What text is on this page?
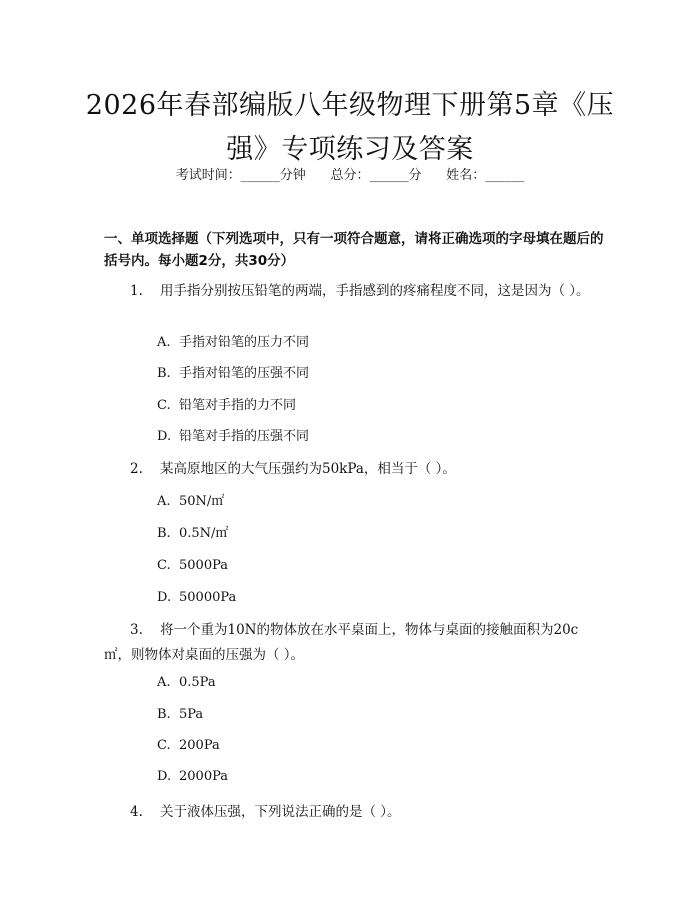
2026年春部编版八年级物理下册第5章《压强》专项练习及答案
考试时间：______分钟      总分：______分      姓名：______
一、单项选择题（下列选项中，只有一项符合题意，请将正确选项的字母填在题后的括号内。每小题2分，共30分）
1. 用手指分别按压铅笔的两端，手指感到的疼痛程度不同，这是因为（ ）。
A. 手指对铅笔的压力不同
B. 手指对铅笔的压强不同
C. 铅笔对手指的力不同
D. 铅笔对手指的压强不同
2. 某高原地区的大气压强约为50kPa，相当于（ ）。
A. 50N/㎡
B. 0.5N/㎡
C. 5000Pa
D. 50000Pa
3. 将一个重为10N的物体放在水平桌面上，物体与桌面的接触面积为20c㎡，则物体对桌面的压强为（ ）。
A. 0.5Pa
B. 5Pa
C. 200Pa
D. 2000Pa
4. 关于液体压强，下列说法正确的是（ ）。
